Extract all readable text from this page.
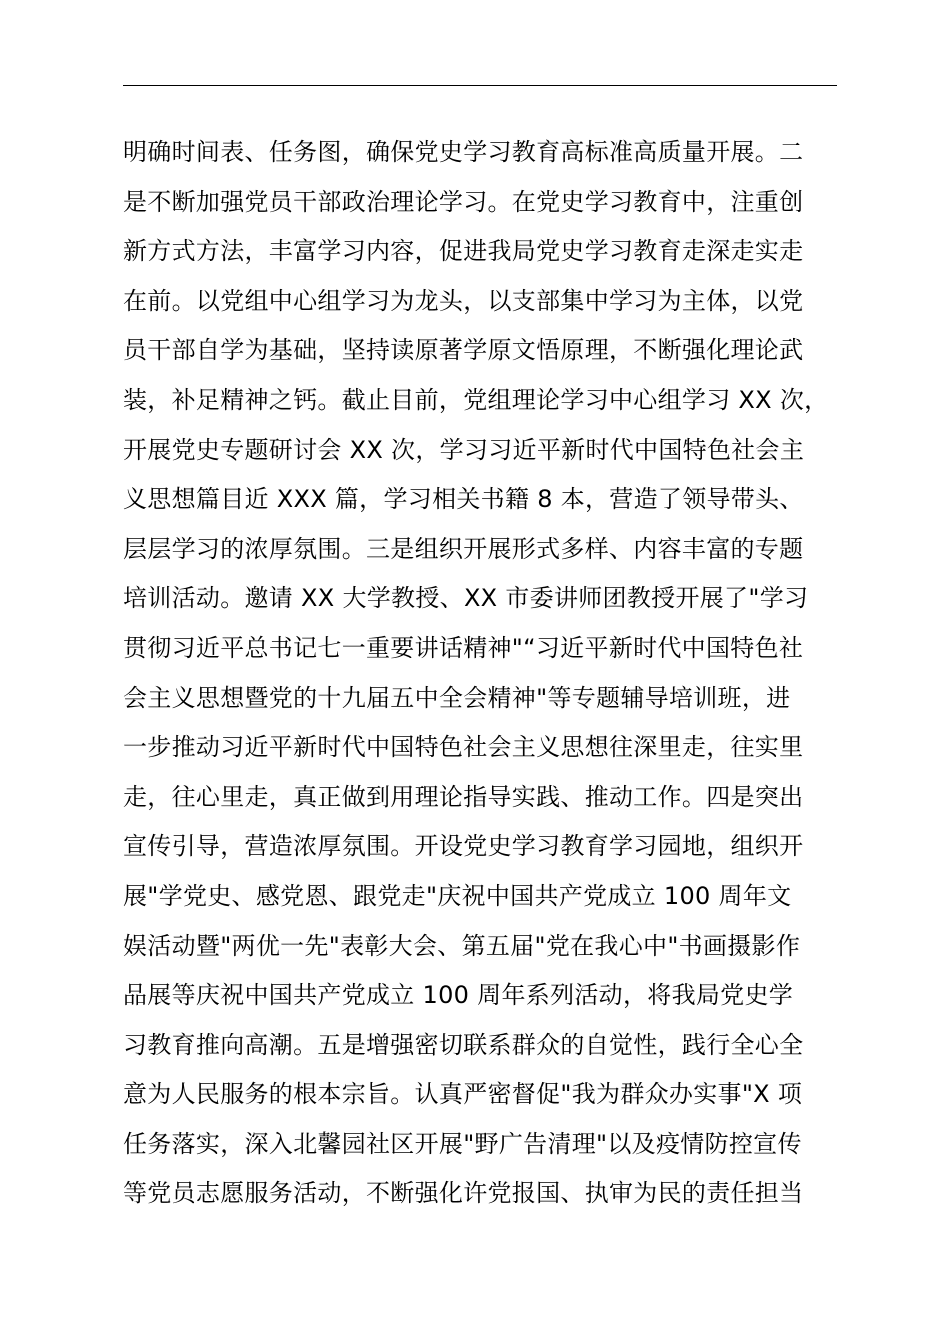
明确时间表、任务图，确保党史学习教育高标准高质量开展。二
是不断加强党员干部政治理论学习。在党史学习教育中，注重创
新方式方法，丰富学习内容，促进我局党史学习教育走深走实走
在前。以党组中心组学习为龙头，以支部集中学习为主体，以党
员干部自学为基础，坚持读原著学原文悟原理，不断强化理论武
装，补足精神之钙。截止目前，党组理论学习中心组学习 XX 次，
开展党史专题研讨会 XX 次，学习习近平新时代中国特色社会主
义思想篇目近 XXX 篇，学习相关书籍 8 本，营造了领导带头、
层层学习的浓厚氛围。三是组织开展形式多样、内容丰富的专题
培训活动。邀请 XX 大学教授、XX 市委讲师团教授开展了"学习
贯彻习近平总书记七一重要讲话精神"“习近平新时代中国特色社
会主义思想暨党的十九届五中全会精神"等专题辅导培训班，进
一步推动习近平新时代中国特色社会主义思想往深里走，往实里
走，往心里走，真正做到用理论指导实践、推动工作。四是突出
宣传引导，营造浓厚氛围。开设党史学习教育学习园地，组织开
展"学党史、感党恩、跟党走"庆祝中国共产党成立 100 周年文
娱活动暨"两优一先"表彰大会、第五届"党在我心中"书画摄影作
品展等庆祝中国共产党成立 100 周年系列活动，将我局党史学
习教育推向高潮。五是增强密切联系群众的自觉性，践行全心全
意为人民服务的根本宗旨。认真严密督促"我为群众办实事"X 项
任务落实，深入北馨园社区开展"野广告清理"以及疫情防控宣传
等党员志愿服务活动，不断强化许党报国、执审为民的责任担当
